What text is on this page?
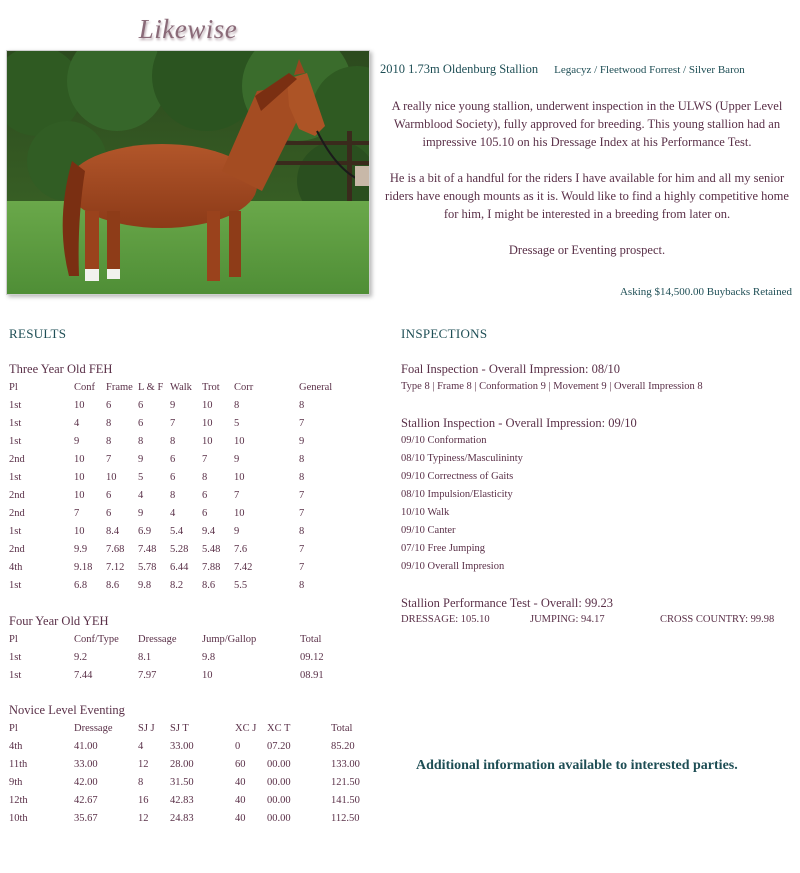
Likewise
2010 1.73m Oldenburg Stallion Legacyz / Fleetwood Forrest / Silver Baron
A really nice young stallion, underwent inspection in the ULWS (Upper Level Warmblood Society), fully approved for breeding. This young stallion had an impressive 105.10 on his Dressage Index at his Performance Test.
He is a bit of a handful for the riders I have available for him and all my senior riders have enough mounts as it is. Would like to find a highly competitive home for him, I might be interested in a breeding from later on.
Dressage or Eventing prospect.
Asking $14,500.00 Buybacks Retained
RESULTS
Three Year Old FEH
Pl	Conf	Frame	L & F	Walk	Trot	Corr	General
1st	10	6	6	9	10	8	8
1st	4	8	6	7	10	5	7
1st	9	8	8	8	10	10	9
2nd	10	7	9	6	7	9	8
1st	10	10	5	6	8	10	8
2nd	10	6	4	8	6	7	7
2nd	7	6	9	4	6	10	7
1st	10	8.4	6.9	5.4	9.4	9	8
2nd	9.9	7.68	7.48	5.28	5.48	7.6	7
4th	9.18	7.12	5.78	6.44	7.88	7.42	7
1st	6.8	8.6	9.8	8.2	8.6	5.5	8
Four Year Old YEH
Pl	Conf/Type	Dressage	Jump/Gallop	Total
1st	9.2	8.1	9.8	09.12
1st	7.44	7.97	10	08.91
Novice Level Eventing
Pl	Dressage	SJ J	SJ T	XC J	XC T	Total
4th	41.00	4	33.00	0	07.20	85.20
11th	33.00	12	28.00	60	00.00	133.00
9th	42.00	8	31.50	40	00.00	121.50
12th	42.67	16	42.83	40	00.00	141.50
10th	35.67	12	24.83	40	00.00	112.50
INSPECTIONS
Foal Inspection - Overall Impression: 08/10
Type 8 | Frame 8 | Conformation 9 | Movement 9 | Overall Impression 8
Stallion Inspection - Overall Impression: 09/10
09/10 Conformation
08/10 Typiness/Masculininty
09/10 Correctness of Gaits
08/10 Impulsion/Elasticity
10/10 Walk
09/10 Canter
07/10 Free Jumping
09/10 Overall Impresion
Stallion Performance Test - Overall: 99.23
DRESSAGE: 105.10	JUMPING: 94.17	CROSS COUNTRY: 99.98
Additional information available to interested parties.
